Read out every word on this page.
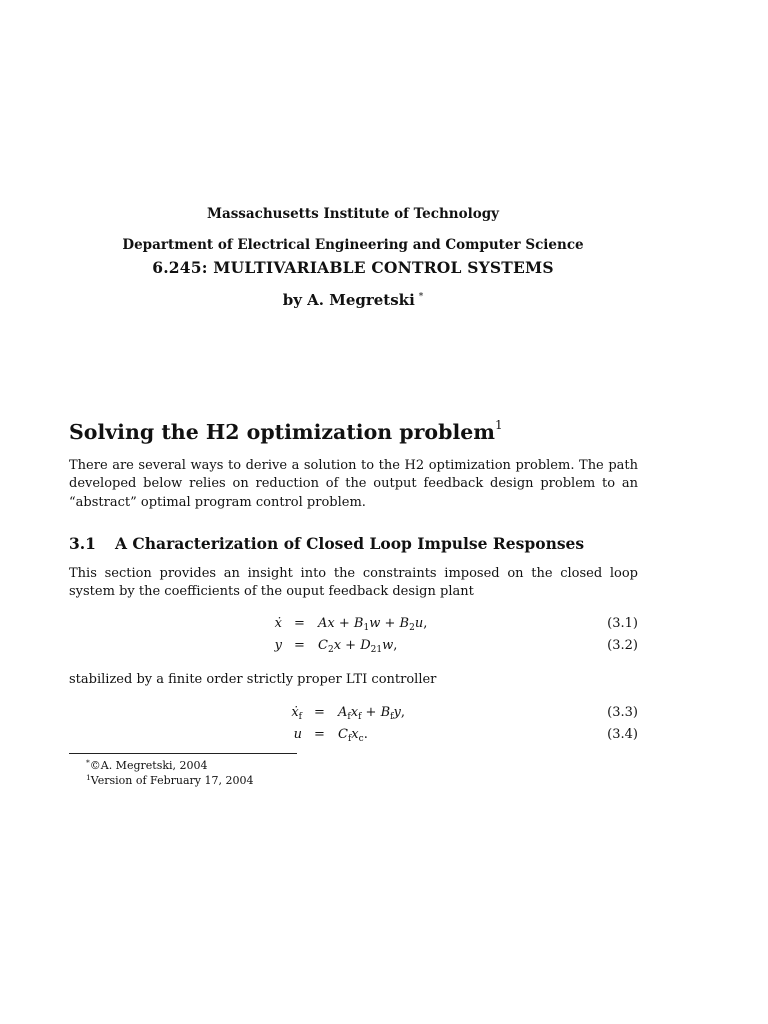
Massachusetts Institute of Technology
Department of Electrical Engineering and Computer Science
6.245: MULTIVARIABLE CONTROL SYSTEMS
by A. Megretski *
Solving the H2 optimization problem$^1$

There are several ways to derive a solution to the H2 optimization problem. The path developed below relies on reduction of the output feedback design problem to an “abstract” optimal program control problem.

3.1 A Characterization of Closed Loop Impulse Responses

This section provides an insight into the constraints imposed on the closed loop system by the coefficients of the ouput feedback design plant

ẋ = $Ax + B_1w + B_2u$,	(3.1)
$y = C_2x + D_{21}w$,	(3.2)

stabilized by a finite order strictly proper LTI controller

ẋ$_f$ = $A_fx_f + B_fy$,	(3.3)
$u = C_fx_c$.	(3.4)
*©A. Megretski, 2004
$^1$Version of February 17, 2004
